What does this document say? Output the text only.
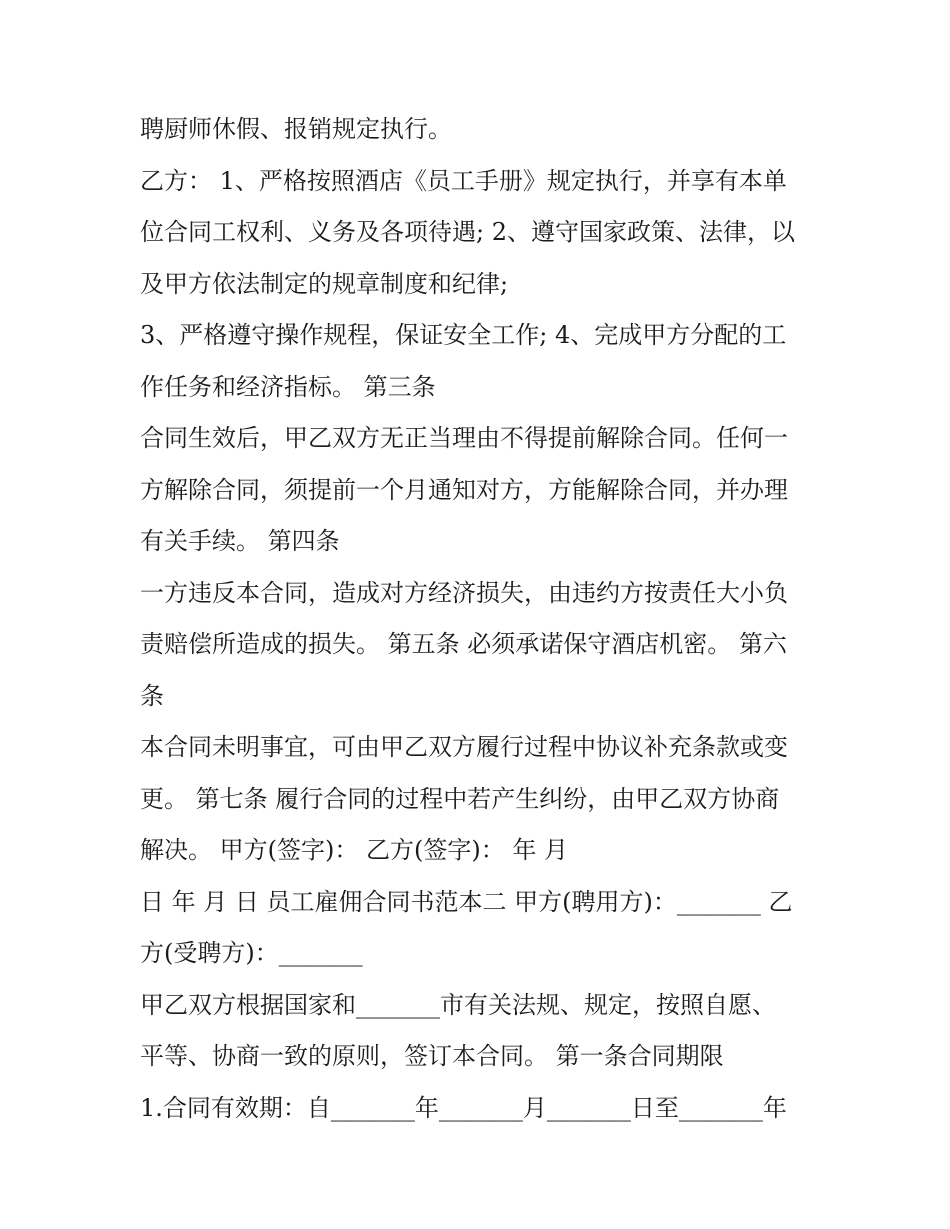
聘厨师休假、报销规定执行。
乙方： 1、严格按照酒店《员工手册》规定执行，并享有本单
位合同工权利、义务及各项待遇; 2、遵守国家政策、法律，以
及甲方依法制定的规章制度和纪律;
3、严格遵守操作规程，保证安全工作; 4、完成甲方分配的工
作任务和经济指标。 第三条
合同生效后，甲乙双方无正当理由不得提前解除合同。任何一
方解除合同，须提前一个月通知对方，方能解除合同，并办理
有关手续。 第四条
一方违反本合同，造成对方经济损失，由违约方按责任大小负
责赔偿所造成的损失。 第五条 必须承诺保守酒店机密。 第六
条
本合同未明事宜，可由甲乙双方履行过程中协议补充条款或变
更。 第七条 履行合同的过程中若产生纠纷，由甲乙双方协商
解决。 甲方(签字)： 乙方(签字)： 年 月
日 年 月 日 员工雇佣合同书范本二 甲方(聘用方)：_______ 乙
方(受聘方)：_______
甲乙双方根据国家和_______市有关法规、规定，按照自愿、
平等、协商一致的原则，签订本合同。 第一条合同期限
1.合同有效期：自_______年_______月_______日至_______年
